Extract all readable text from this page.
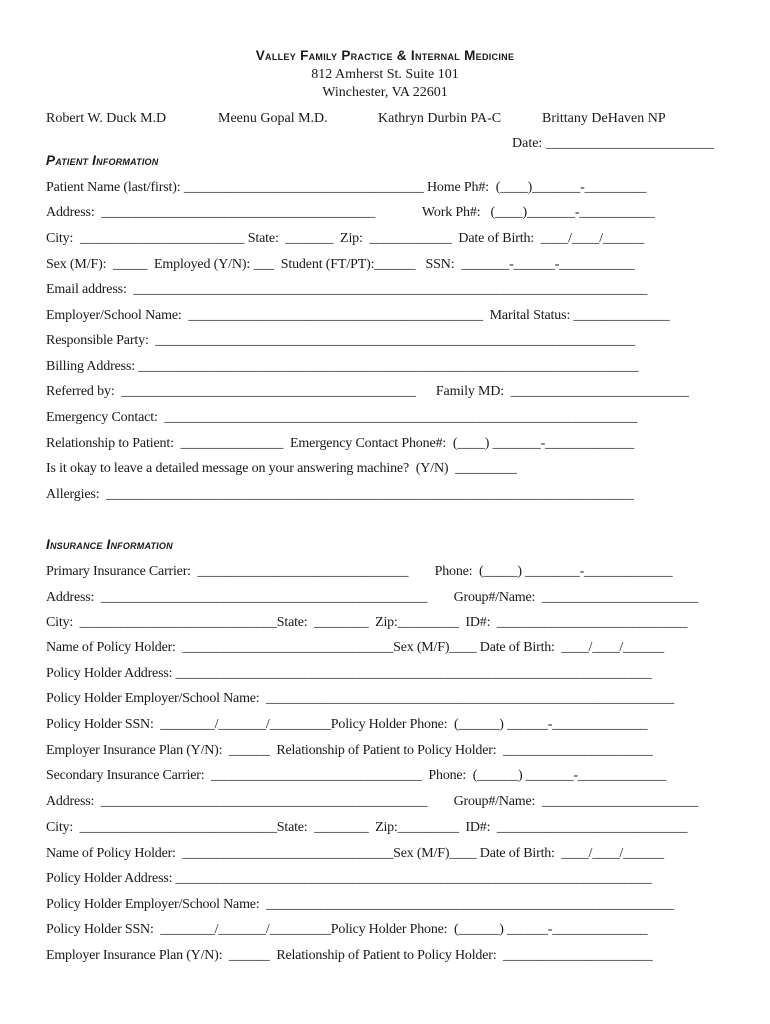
Valley Family Practice & Internal Medicine
812 Amherst St. Suite 101
Winchester, VA 22601
Robert W. Duck M.D	Meenu Gopal M.D.	Kathryn Durbin PA-C	Brittany DeHaven NP
Date: ________________________
Patient Information
Patient Name (last/first): ___________________________________ Home Ph#:  (____)_______-_________
Address:  ________________________________________              Work Ph#:   (____)_______-___________
City:  ________________________ State:  _______  Zip:  ____________  Date of Birth:  ____/____/______
Sex (M/F):  _____  Employed (Y/N): ___  Student (FT/PT):______   SSN:  _______-______-___________
Email address:  ___________________________________________________________________________
Employer/School Name:  ___________________________________________  Marital Status: ______________
Responsible Party:  ______________________________________________________________________
Billing Address: _________________________________________________________________________
Referred by:  ___________________________________________      Family MD:  __________________________
Emergency Contact:  _____________________________________________________________________
Relationship to Patient:  _______________  Emergency Contact Phone#:  (____) _______-_____________
Is it okay to leave a detailed message on your answering machine?  (Y/N)  _________
Allergies:  _____________________________________________________________________________
Insurance Information
Primary Insurance Carrier:  _______________________________        Phone:  (_____) ________-_____________
Address:  ________________________________________________        Group#/Name:  _______________________
City:  _____________________________State:  ________  Zip:_________  ID#:  ____________________________
Name of Policy Holder:  _______________________________Sex (M/F)____ Date of Birth:  ____/____/______
Policy Holder Address: ______________________________________________________________________
Policy Holder Employer/School Name:  ____________________________________________________________
Policy Holder SSN:  ________/_______/_________Policy Holder Phone:  (______) ______-______________
Employer Insurance Plan (Y/N):  ______  Relationship of Patient to Policy Holder:  ______________________
Secondary Insurance Carrier:  _______________________________  Phone:  (______) _______-_____________
Address:  ________________________________________________        Group#/Name:  _______________________
City:  _____________________________State:  ________  Zip:_________  ID#:  ____________________________
Name of Policy Holder:  _______________________________Sex (M/F)____ Date of Birth:  ____/____/______
Policy Holder Address: ______________________________________________________________________
Policy Holder Employer/School Name:  ____________________________________________________________
Policy Holder SSN:  ________/_______/_________Policy Holder Phone:  (______) ______-______________
Employer Insurance Plan (Y/N):  ______  Relationship of Patient to Policy Holder:  ______________________
